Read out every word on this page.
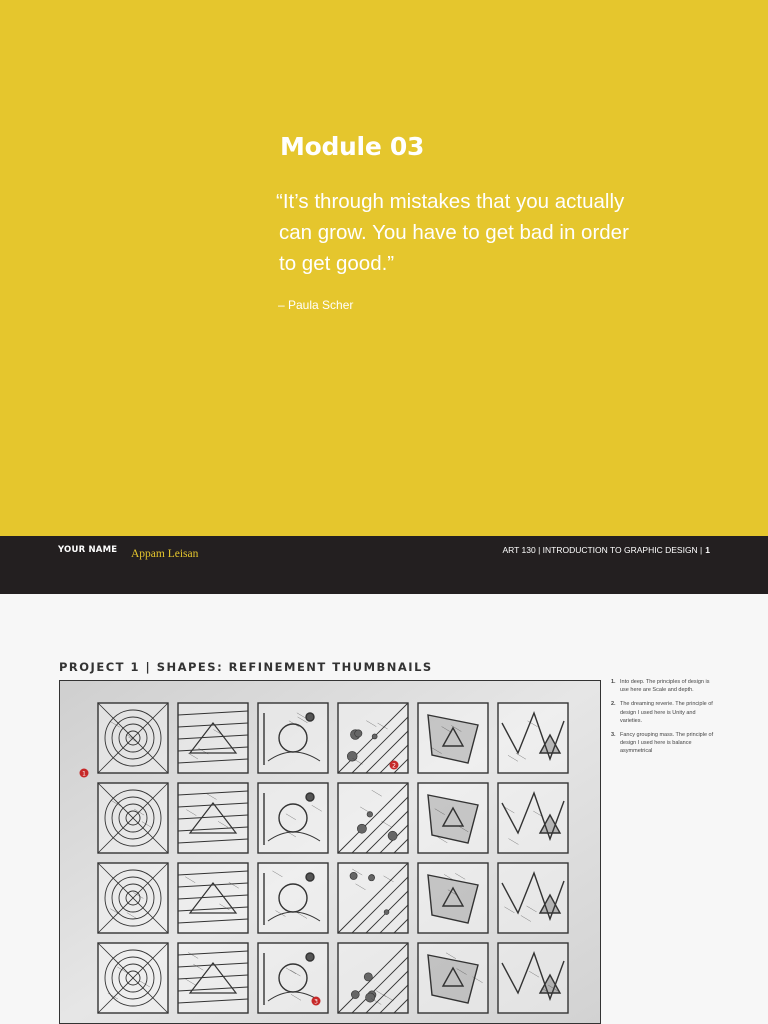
Module 03

“It’s through mistakes that you actually
can grow. You have to get bad in order
to get good.”

– Paula Scher
YOUR NAME Appam Leisan	ART 130 | INTRODUCTION TO GRAPHIC DESIGN | 1
PROJECT 1 | SHAPES: REFINEMENT THUMBNAILS
1
2
3
1. Into deep. The principles of design is use here are Scale and depth.
2. The dreaming reverie. The principle of design I used here is Unity and varieties.
3. Fancy grouping mass. The principle of design I used here is balance asymmetrical
